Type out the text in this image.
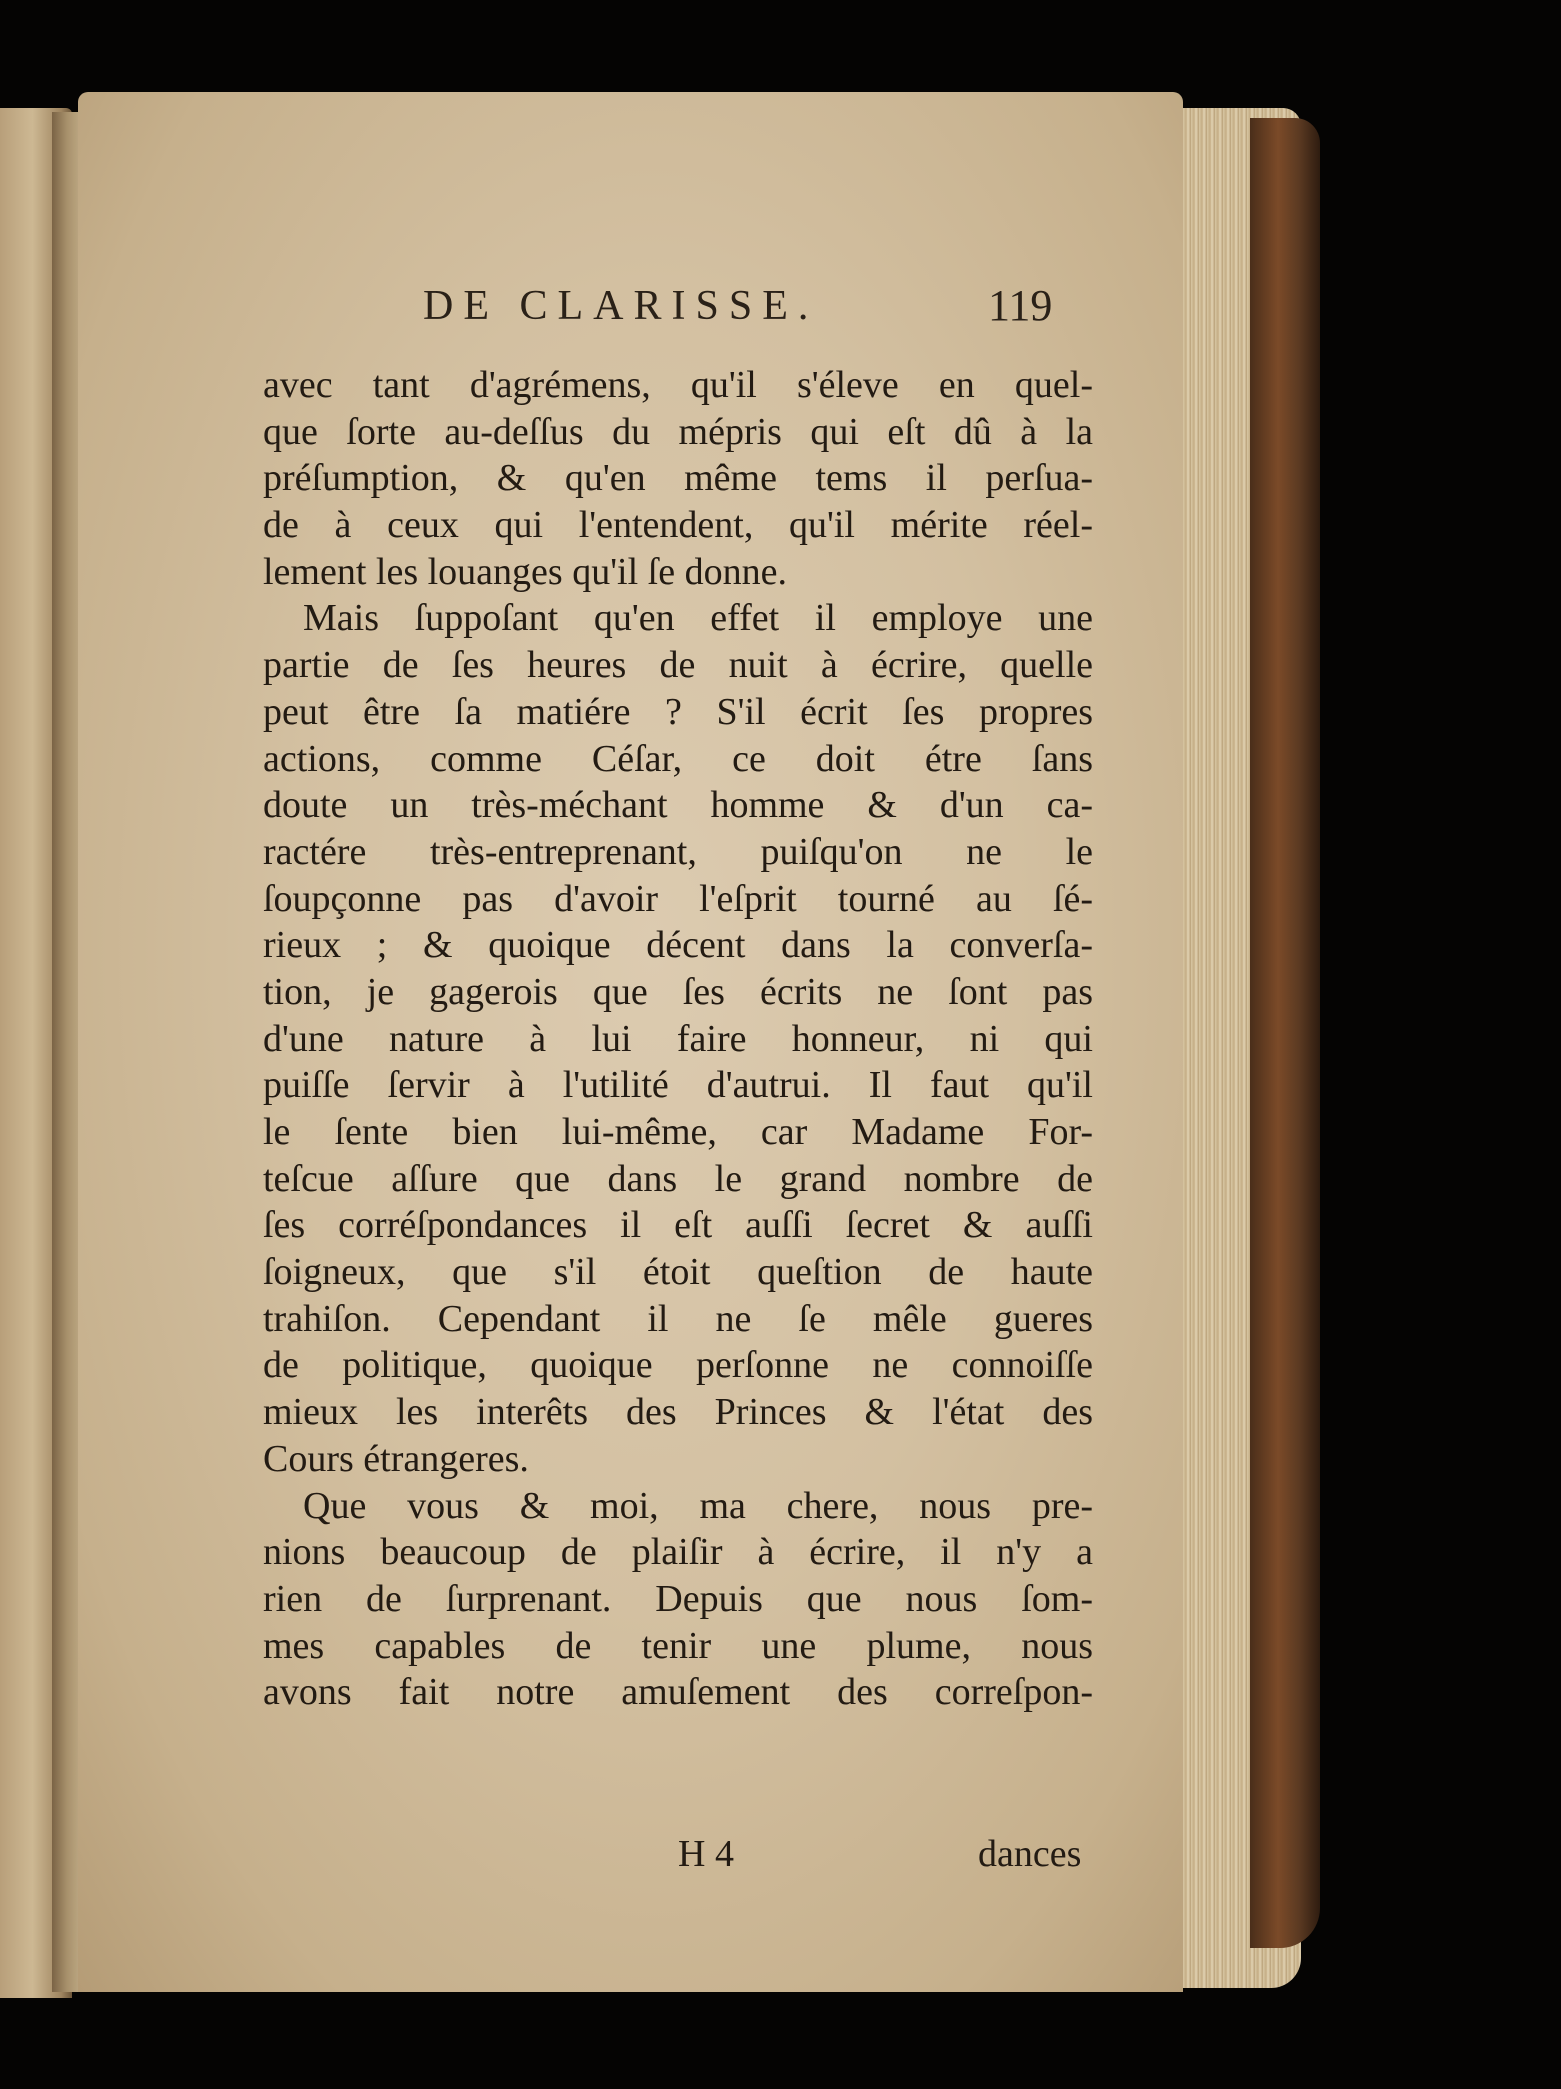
DE CLARISSE.	119
avec tant d'agrémens, qu'il s'éleve en quel-
que ſorte au-deſſus du mépris qui eſt dû à la
préſumption, & qu'en même tems il perſua-
de à ceux qui l'entendent, qu'il mérite réel-
lement les louanges qu'il ſe donne.
Mais ſuppoſant qu'en effet il employe une
partie de ſes heures de nuit à écrire, quelle
peut être ſa matiére ? S'il écrit ſes propres
actions, comme Céſar, ce doit étre ſans
doute un très-méchant homme & d'un ca-
ractére très-entreprenant, puiſqu'on ne le
ſoupçonne pas d'avoir l'eſprit tourné au ſé-
rieux ; & quoique décent dans la converſa-
tion, je gagerois que ſes écrits ne ſont pas
d'une nature à lui faire honneur, ni qui
puiſſe ſervir à l'utilité d'autrui. Il faut qu'il
le ſente bien lui-même, car Madame For-
teſcue aſſure que dans le grand nombre de
ſes corréſpondances il eſt auſſi ſecret & auſſi
ſoigneux, que s'il étoit queſtion de haute
trahiſon. Cependant il ne ſe mêle gueres
de politique, quoique perſonne ne connoiſſe
mieux les interêts des Princes & l'état des
Cours étrangeres.
Que vous & moi, ma chere, nous pre-
nions beaucoup de plaiſir à écrire, il n'y a
rien de ſurprenant. Depuis que nous ſom-
mes capables de tenir une plume, nous
avons fait notre amuſement des correſpon-
H 4	dances
